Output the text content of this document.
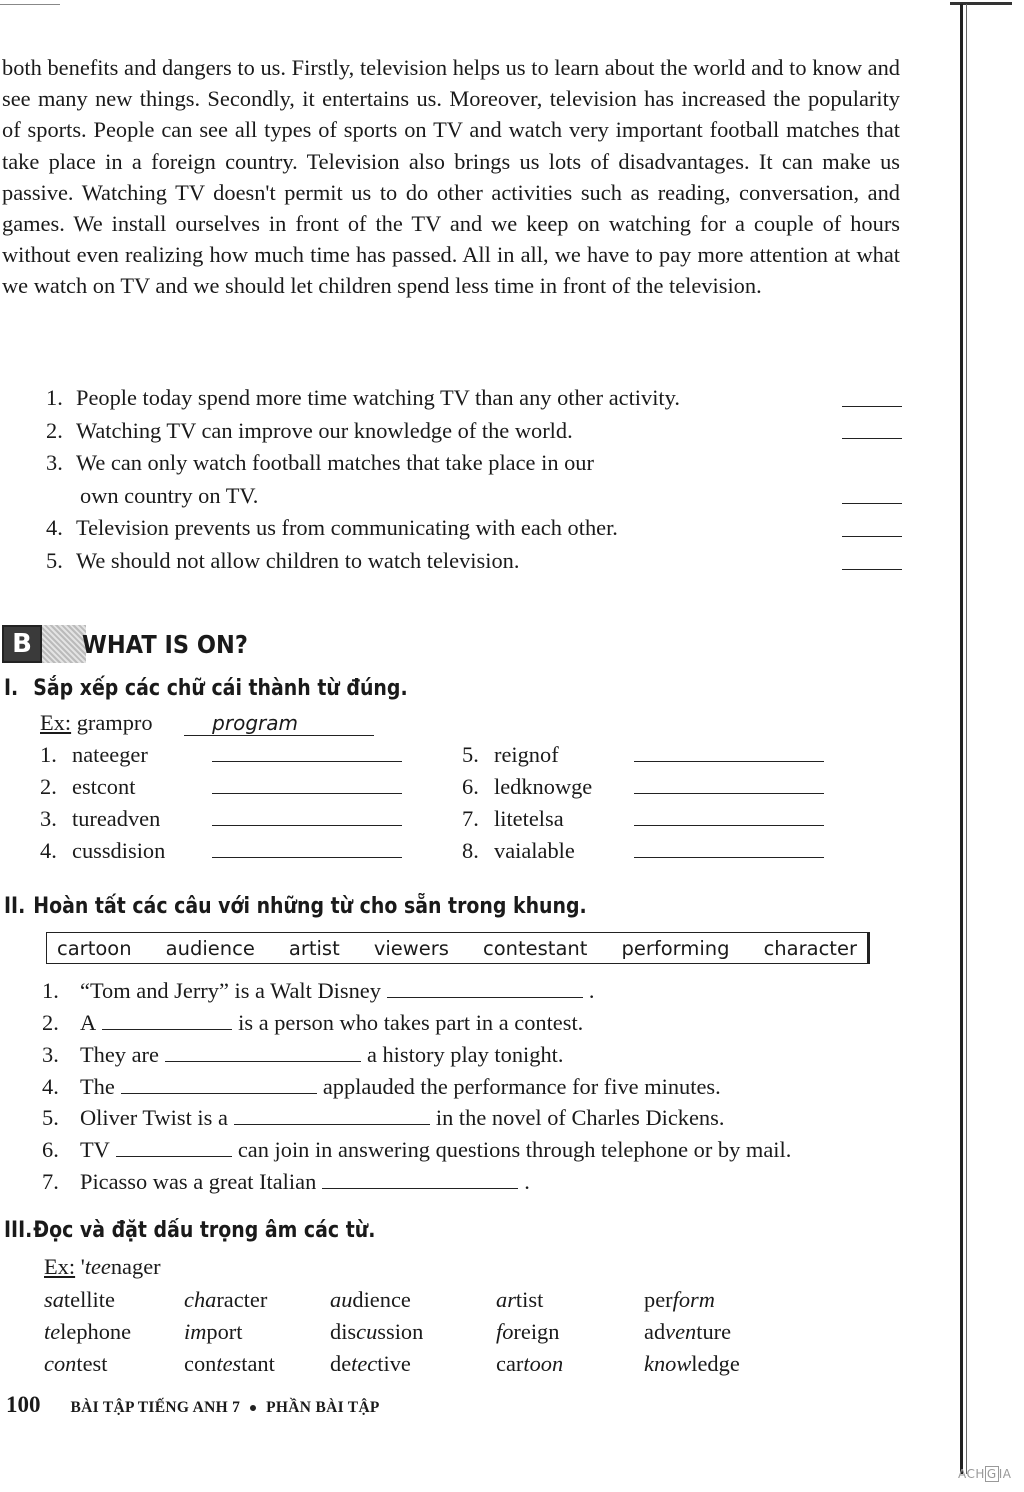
both benefits and dangers to us. Firstly, television helps us to learn about the world and to know and see many new things. Secondly, it entertains us. Moreover, television has increased the popularity of sports. People can see all types of sports on TV and watch very important football matches that take place in a foreign country. Television also brings us lots of disadvantages. It can make us passive. Watching TV doesn't permit us to do other activities such as reading, conversation, and games. We install ourselves in front of the TV and we keep on watching for a couple of hours without even realizing how much time has passed. All in all, we have to pay more attention at what we watch on TV and we should let children spend less time in front of the television.

1. People today spend more time watching TV than any other activity.
2. Watching TV can improve our knowledge of the world.
3. We can only watch football matches that take place in our
own country on TV.
4. Television prevents us from communicating with each other.
5. We should not allow children to watch television.
B	WHAT IS ON?
I. Sắp xếp các chữ cái thành từ đúng.
Ex: grampro	program
1. nateeger
2. estcont
3. tureadven
4. cussdision
5. reignof
6. ledknowge
7. litetelsa
8. vaialable
II. Hoàn tất các câu với những từ cho sẵn trong khung.
cartoon audience artist viewers contestant performing character
1. “Tom and Jerry” is a Walt Disney	.
2. A	is a person who takes part in a contest.
3. They are	a history play tonight.
4. The	applauded the performance for five minutes.
5. Oliver Twist is a	in the novel of Charles Dickens.
6. TV	can join in answering questions through telephone or by mail.
7. Picasso was a great Italian	.
III.Đọc và đặt dấu trọng âm các từ.
Ex: 'teenager
satellite	character	audience	artist	perform
telephone	import	discussion	foreign	adventure
contest	contestant	detective	cartoon	knowledge
100 BÀI TẬP TIẾNG ANH 7 PHẦN BÀI TẬP
ACH G IA
